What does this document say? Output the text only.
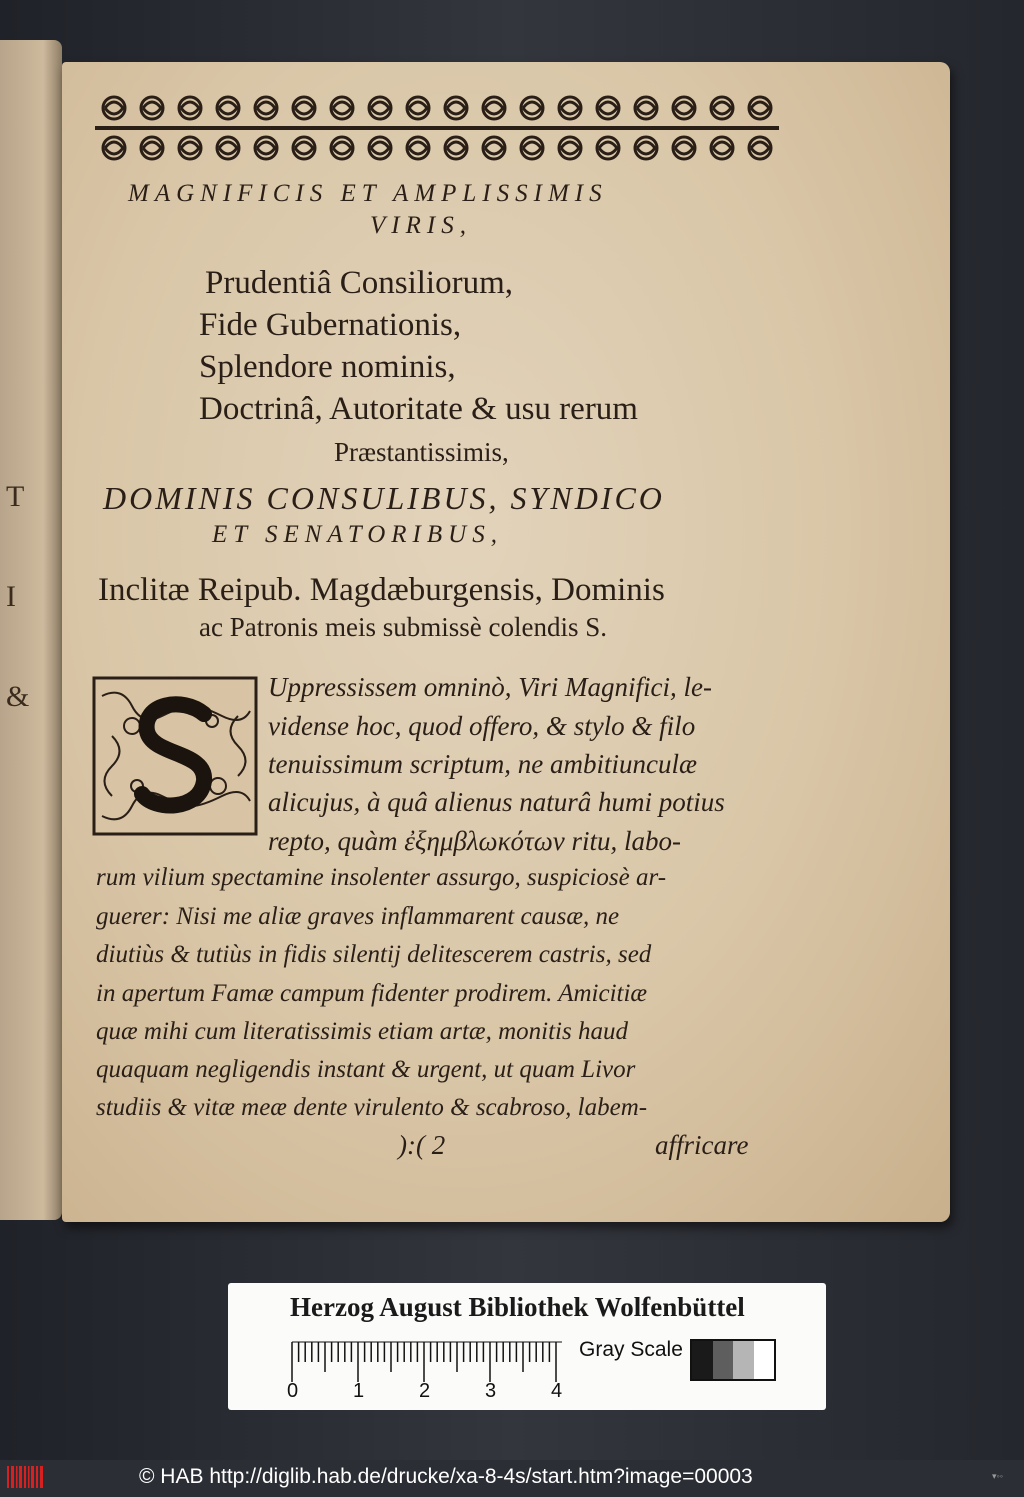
T
I
&
MAGNIFICIS ET AMPLISSIMIS
VIRIS,
Prudentiâ Consiliorum,
Fide Gubernationis,
Splendore nominis,
Doctrinâ, Autoritate & usu rerum
Præstantissimis,
DOMINIS CONSULIBUS, SYNDICO
ET SENATORIBUS,
Inclitæ Reipub. Magdæburgensis, Dominis
ac Patronis meis submissè colendis S.
Uppressissem omninò, Viri Magnifici, le-
vidense hoc, quod offero, & stylo & filo
tenuissimum scriptum, ne ambitiunculæ
alicujus, à quâ alienus naturâ humi potius
repto, quàm ἐξημβλωκότων ritu, labo-
rum vilium spectamine insolenter assurgo, suspiciosè ar-
guerer: Nisi me aliæ graves inflammarent causæ, ne
diutiùs & tutiùs in fidis silentij delitescerem castris, sed
in apertum Famæ campum fidenter prodirem. Amicitiæ
quæ mihi cum literatissimis etiam artæ, monitis haud
quaquam negligendis instant & urgent, ut quam Livor
studiis & vitæ meæ dente virulento & scabroso, labem-
):( 2	affricare
Herzog August Bibliothek Wolfenbüttel
0	1	2	3	4
Gray Scale
© HAB http://diglib.hab.de/drucke/xa-8-4s/start.htm?image=00003	▾◦◦
